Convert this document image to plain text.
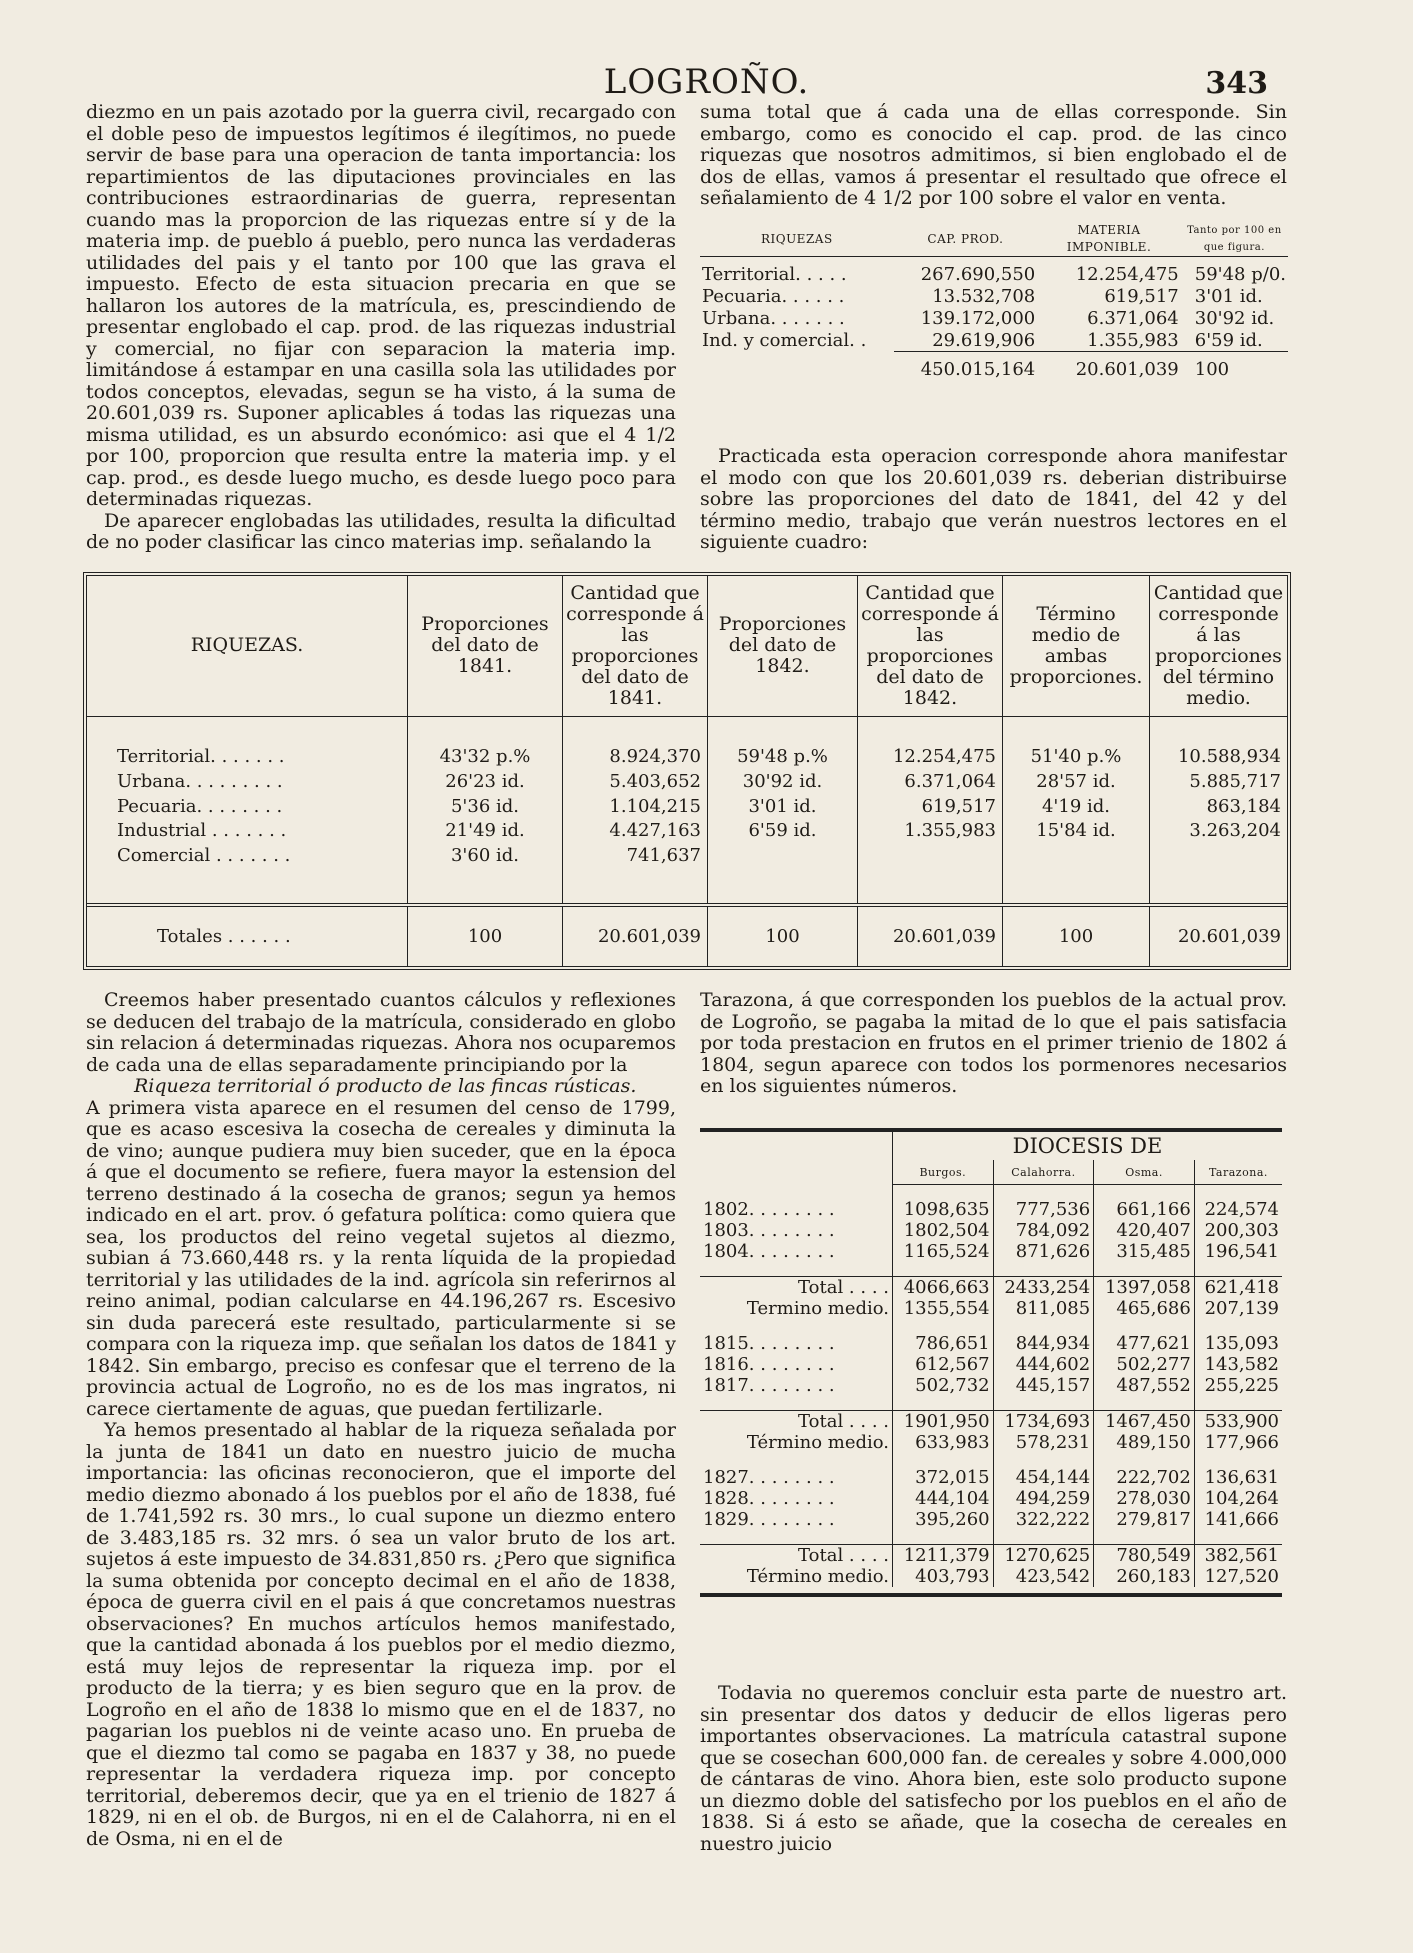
LOGROÑO.	343

diezmo en un pais azotado por la guerra civil, recargado con el doble peso de impuestos legítimos é ilegítimos, no puede servir de base para una operacion de tanta importancia: los repartimientos de las diputaciones provinciales en las contribuciones estraordinarias de guerra, representan cuando mas la proporcion de las riquezas entre sí y de la materia imp. de pueblo á pueblo, pero nunca las verdaderas utilidades del pais y el tanto por 100 que las grava el impuesto. Efecto de esta situacion precaria en que se hallaron los autores de la matrícula, es, prescindiendo de presentar englobado el cap. prod. de las riquezas industrial y comercial, no fijar con separacion la materia imp. limitándose á estampar en una casilla sola las utilidades por todos conceptos, elevadas, segun se ha visto, á la suma de 20.601,039 rs. Suponer aplicables á todas las riquezas una misma utilidad, es un absurdo económico: asi que el 4 1/2 por 100, proporcion que resulta entre la materia imp. y el cap. prod., es desde luego mucho, es desde luego poco para determinadas riquezas.

De aparecer englobadas las utilidades, resulta la dificultad de no poder clasificar las cinco materias imp. señalando la

suma total que á cada una de ellas corresponde. Sin embargo, como es conocido el cap. prod. de las cinco riquezas que nosotros admitimos, si bien englobado el de dos de ellas, vamos á presentar el resultado que ofrece el señalamiento de 4 1/2 por 100 sobre el valor en venta.

RIQUEZAS	CAP. PROD.	MATERIA IMPONIBLE.	Tanto por 100 en que figura.

Territorial. . . . .	267.690,550	12.254,475	59'48 p/0.
Pecuaria. . . . . .	13.532,708	619,517	3'01 id.
Urbana. . . . . . .	139.172,000	6.371,064	30'92 id.
Ind. y comercial. .	29.619,906	1.355,983	6'59 id.

	450.015,164	20.601,039	100

Practicada esta operacion corresponde ahora manifestar el modo con que los 20.601,039 rs. deberian distribuirse sobre las proporciones del dato de 1841, del 42 y del término medio, trabajo que verán nuestros lectores en el siguiente cuadro:

RIQUEZAS.	Proporciones del dato de 1841.	Cantidad que corresponde á las proporciones del dato de 1841.	Proporciones del dato de 1842.	Cantidad que corresponde á las proporciones del dato de 1842.	Término medio de ambas proporciones.	Cantidad que corresponde á las proporciones del término medio.

Territorial. . . . . . .	43'32 p.%	8.924,370	59'48 p.%	12.254,475	51'40 p.%	10.588,934
Urbana. . . . . . . . .	26'23 id.	5.403,652	30'92 id.	6.371,064	28'57 id.	5.885,717
Pecuaria. . . . . . . .	5'36 id.	1.104,215	3'01 id.	619,517	4'19 id.	863,184
Industrial . . . . . . .	21'49 id.	4.427,163	6'59 id.	1.355,983	15'84 id.	3.263,204
Comercial . . . . . . .	3'60 id.	741,637				

Totales . . . . . .	100	20.601,039	100	20.601,039	100	20.601,039

Creemos haber presentado cuantos cálculos y reflexiones se deducen del trabajo de la matrícula, considerado en globo sin relacion á determinadas riquezas. Ahora nos ocuparemos de cada una de ellas separadamente principiando por la

Riqueza territorial ó producto de las fincas rústicas.

A primera vista aparece en el resumen del censo de 1799, que es acaso escesiva la cosecha de cereales y diminuta la de vino; aunque pudiera muy bien suceder, que en la época á que el documento se refiere, fuera mayor la estension del terreno destinado á la cosecha de granos; segun ya hemos indicado en el art. prov. ó gefatura política: como quiera que sea, los productos del reino vegetal sujetos al diezmo, subian á 73.660,448 rs. y la renta líquida de la propiedad territorial y las utilidades de la ind. agrícola sin referirnos al reino animal, podian calcularse en 44.196,267 rs. Escesivo sin duda parecerá este resultado, particularmente si se compara con la riqueza imp. que señalan los datos de 1841 y 1842. Sin embargo, preciso es confesar que el terreno de la provincia actual de Logroño, no es de los mas ingratos, ni carece ciertamente de aguas, que puedan fertilizarle.

Ya hemos presentado al hablar de la riqueza señalada por la junta de 1841 un dato en nuestro juicio de mucha importancia: las oficinas reconocieron, que el importe del medio diezmo abonado á los pueblos por el año de 1838, fué de 1.741,592 rs. 30 mrs., lo cual supone un diezmo entero de 3.483,185 rs. 32 mrs. ó sea un valor bruto de los art. sujetos á este impuesto de 34.831,850 rs. ¿Pero que significa la suma obtenida por concepto decimal en el año de 1838, época de guerra civil en el pais á que concretamos nuestras observaciones? En muchos artículos hemos manifestado, que la cantidad abonada á los pueblos por el medio diezmo, está muy lejos de representar la riqueza imp. por el producto de la tierra; y es bien seguro que en la prov. de Logroño en el año de 1838 lo mismo que en el de 1837, no pagarian los pueblos ni de veinte acaso uno. En prueba de que el diezmo tal como se pagaba en 1837 y 38, no puede representar la verdadera riqueza imp. por concepto territorial, deberemos decir, que ya en el trienio de 1827 á 1829, ni en el ob. de Burgos, ni en el de Calahorra, ni en el de Osma, ni en el de

Tarazona, á que corresponden los pueblos de la actual prov. de Logroño, se pagaba la mitad de lo que el pais satisfacia por toda prestacion en frutos en el primer trienio de 1802 á 1804, segun aparece con todos los pormenores necesarios en los siguientes números.

	DIOCESIS DE			
	Burgos.	Calahorra.	Osma.	Tarazona.

1802. . . . . . . .	1098,635	777,536	661,166	224,574
1803. . . . . . . .	1802,504	784,092	420,407	200,303
1804. . . . . . . .	1165,524	871,626	315,485	196,541

Total . . . .	4066,663	2433,254	1397,058	621,418
Termino medio.	1355,554	811,085	465,686	207,139

1815. . . . . . . .	786,651	844,934	477,621	135,093
1816. . . . . . . .	612,567	444,602	502,277	143,582
1817. . . . . . . .	502,732	445,157	487,552	255,225

Total . . . .	1901,950	1734,693	1467,450	533,900
Término medio.	633,983	578,231	489,150	177,966

1827. . . . . . . .	372,015	454,144	222,702	136,631
1828. . . . . . . .	444,104	494,259	278,030	104,264
1829. . . . . . . .	395,260	322,222	279,817	141,666

Total . . . .	1211,379	1270,625	780,549	382,561
Término medio.	403,793	423,542	260,183	127,520

Todavia no queremos concluir esta parte de nuestro art. sin presentar dos datos y deducir de ellos ligeras pero importantes observaciones. La matrícula catastral supone que se cosechan 600,000 fan. de cereales y sobre 4.000,000 de cántaras de vino. Ahora bien, este solo producto supone un diezmo doble del satisfecho por los pueblos en el año de 1838. Si á esto se añade, que la cosecha de cereales en nuestro juicio
